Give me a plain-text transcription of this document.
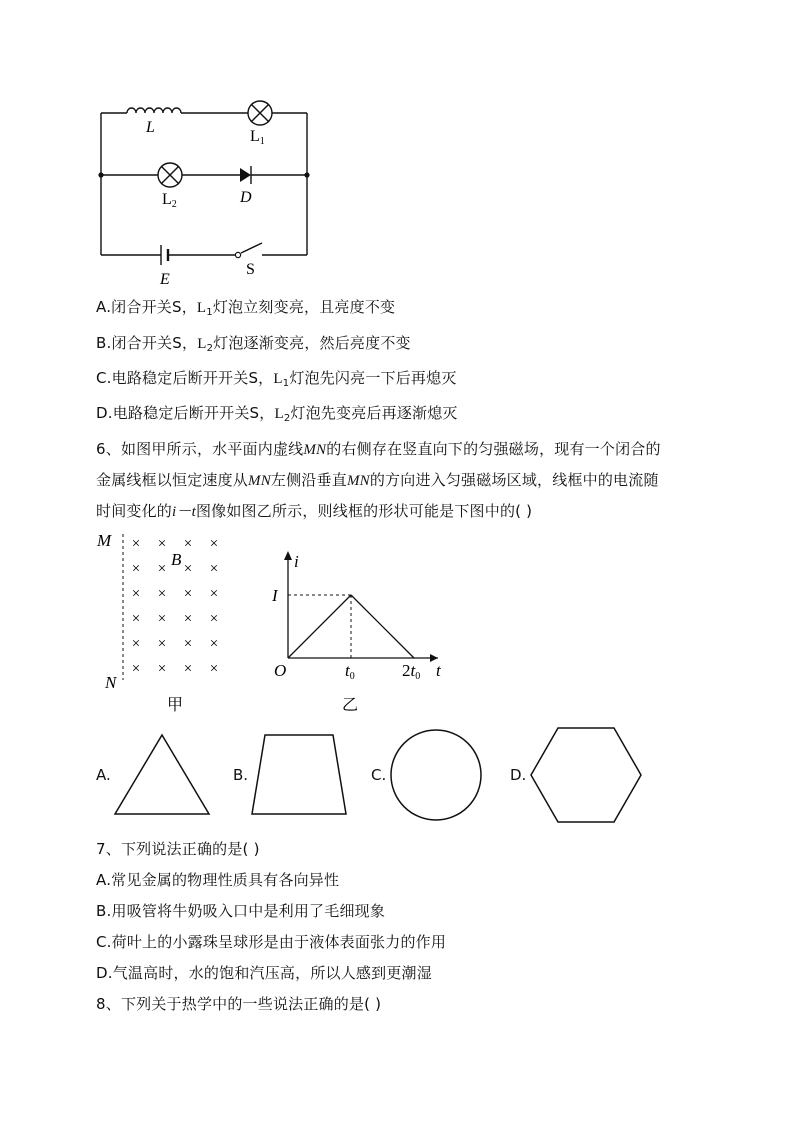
L
L1
L2	D
E
S
A.闭合开关S，$L_1$灯泡立刻变亮，且亮度不变
B.闭合开关S，$L_2$灯泡逐渐变亮，然后亮度不变
C.电路稳定后断开开关S，$L_1$灯泡先闪亮一下后再熄灭
D.电路稳定后断开开关S，$L_2$灯泡先变亮后再逐渐熄灭
6、如图甲所示，水平面内虚线MN的右侧存在竖直向下的匀强磁场，现有一个闭合的
金属线框以恒定速度从MN左侧沿垂直MN的方向进入匀强磁场区域，线框中的电流随
时间变化的i－t图像如图乙所示，则线框的形状可能是下图中的( )
M
N
× × × ×
× × × ×
× × × ×
× × × ×
× × × ×
× × × ×
B
甲
i
I
O	t0	2t0 t
乙
A.	B.	C.	D.
7、下列说法正确的是( )
A.常见金属的物理性质具有各向异性
B.用吸管将牛奶吸入口中是利用了毛细现象
C.荷叶上的小露珠呈球形是由于液体表面张力的作用
D.气温高时，水的饱和汽压高，所以人感到更潮湿
8、下列关于热学中的一些说法正确的是( )
